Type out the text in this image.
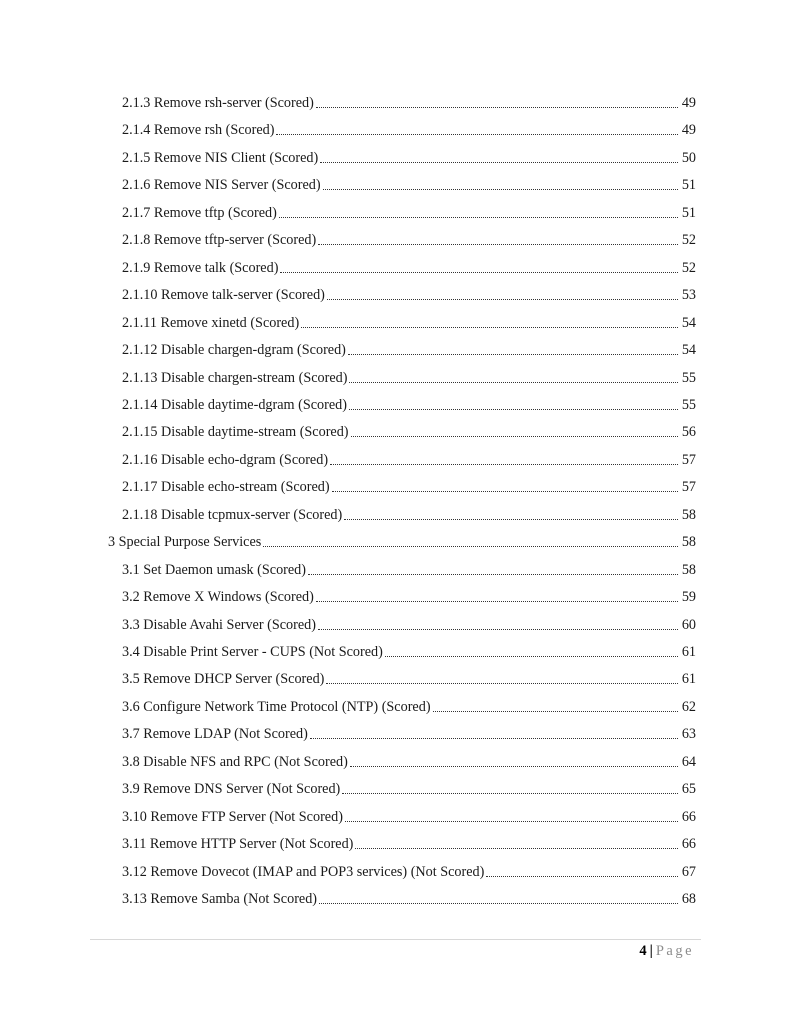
2.1.3 Remove rsh-server (Scored)	49
2.1.4 Remove rsh (Scored)	49
2.1.5 Remove NIS Client (Scored)	50
2.1.6 Remove NIS Server (Scored)	51
2.1.7 Remove tftp (Scored)	51
2.1.8 Remove tftp-server (Scored)	52
2.1.9 Remove talk (Scored)	52
2.1.10 Remove talk-server (Scored)	53
2.1.11 Remove xinetd (Scored)	54
2.1.12 Disable chargen-dgram (Scored)	54
2.1.13 Disable chargen-stream (Scored)	55
2.1.14 Disable daytime-dgram (Scored)	55
2.1.15 Disable daytime-stream (Scored)	56
2.1.16 Disable echo-dgram (Scored)	57
2.1.17 Disable echo-stream (Scored)	57
2.1.18 Disable tcpmux-server (Scored)	58
3 Special Purpose Services	58
3.1 Set Daemon umask (Scored)	58
3.2 Remove X Windows (Scored)	59
3.3 Disable Avahi Server (Scored)	60
3.4 Disable Print Server - CUPS (Not Scored)	61
3.5 Remove DHCP Server (Scored)	61
3.6 Configure Network Time Protocol (NTP) (Scored)	62
3.7 Remove LDAP (Not Scored)	63
3.8 Disable NFS and RPC (Not Scored)	64
3.9 Remove DNS Server (Not Scored)	65
3.10 Remove FTP Server (Not Scored)	66
3.11 Remove HTTP Server (Not Scored)	66
3.12 Remove Dovecot (IMAP and POP3 services) (Not Scored)	67
3.13 Remove Samba (Not Scored)	68
4 | Page
